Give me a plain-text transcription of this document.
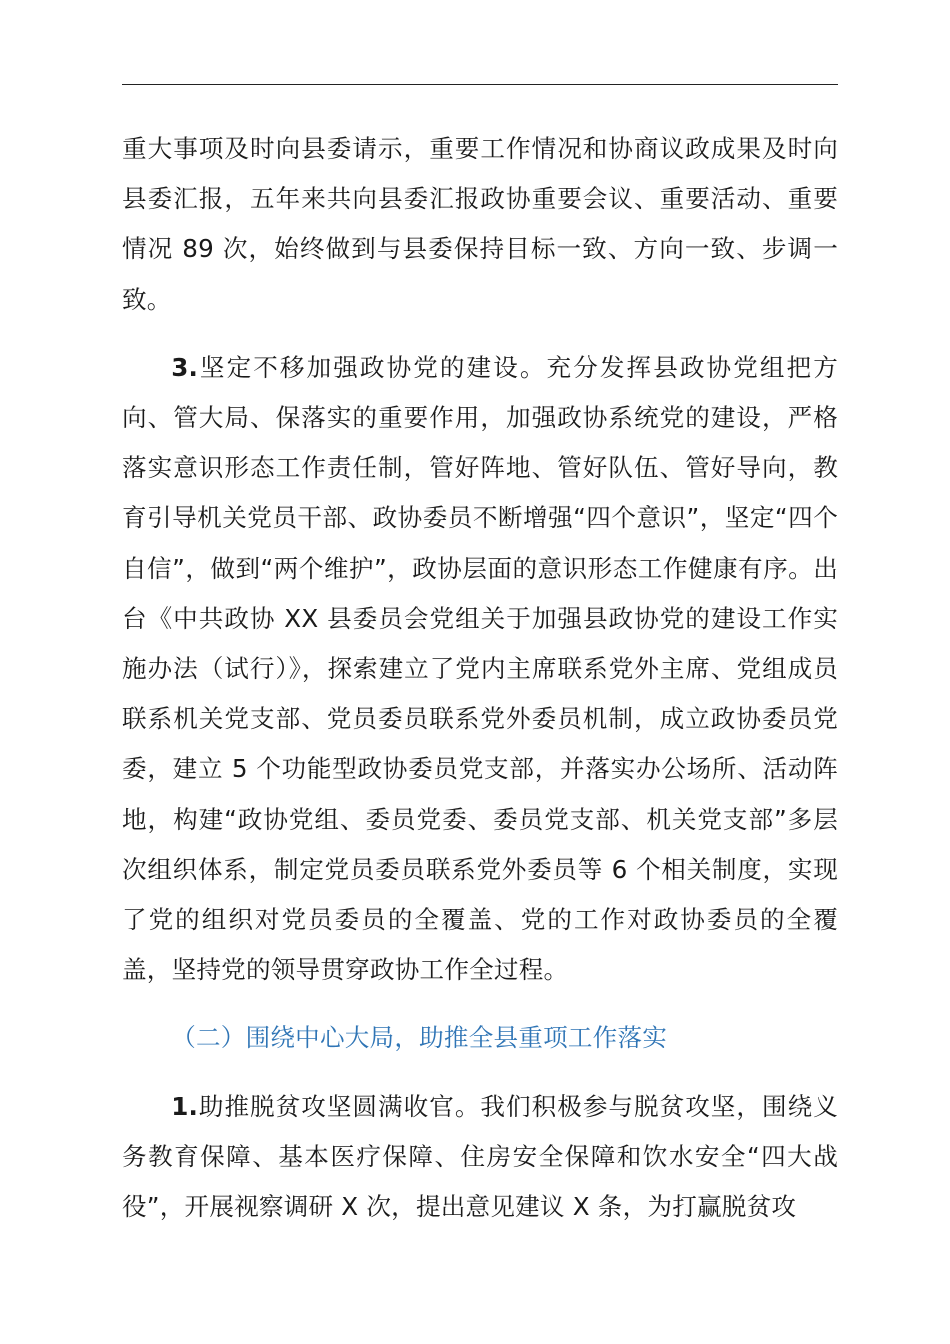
重大事项及时向县委请示，重要工作情况和协商议政成果及时向县委汇报，五年来共向县委汇报政协重要会议、重要活动、重要情况 89 次，始终做到与县委保持目标一致、方向一致、步调一致。

3.坚定不移加强政协党的建设。充分发挥县政协党组把方向、管大局、保落实的重要作用，加强政协系统党的建设，严格落实意识形态工作责任制，管好阵地、管好队伍、管好导向，教育引导机关党员干部、政协委员不断增强“四个意识”，坚定“四个自信”，做到“两个维护”，政协层面的意识形态工作健康有序。出台《中共政协 XX 县委员会党组关于加强县政协党的建设工作实施办法（试行）》，探索建立了党内主席联系党外主席、党组成员联系机关党支部、党员委员联系党外委员机制，成立政协委员党委，建立 5 个功能型政协委员党支部，并落实办公场所、活动阵地，构建“政协党组、委员党委、委员党支部、机关党支部”多层次组织体系，制定党员委员联系党外委员等 6 个相关制度，实现了党的组织对党员委员的全覆盖、党的工作对政协委员的全覆盖，坚持党的领导贯穿政协工作全过程。

（二）围绕中心大局，助推全县重项工作落实

1.助推脱贫攻坚圆满收官。我们积极参与脱贫攻坚，围绕义务教育保障、基本医疗保障、住房安全保障和饮水安全“四大战役”，开展视察调研 X 次，提出意见建议 X 条，为打赢脱贫攻
